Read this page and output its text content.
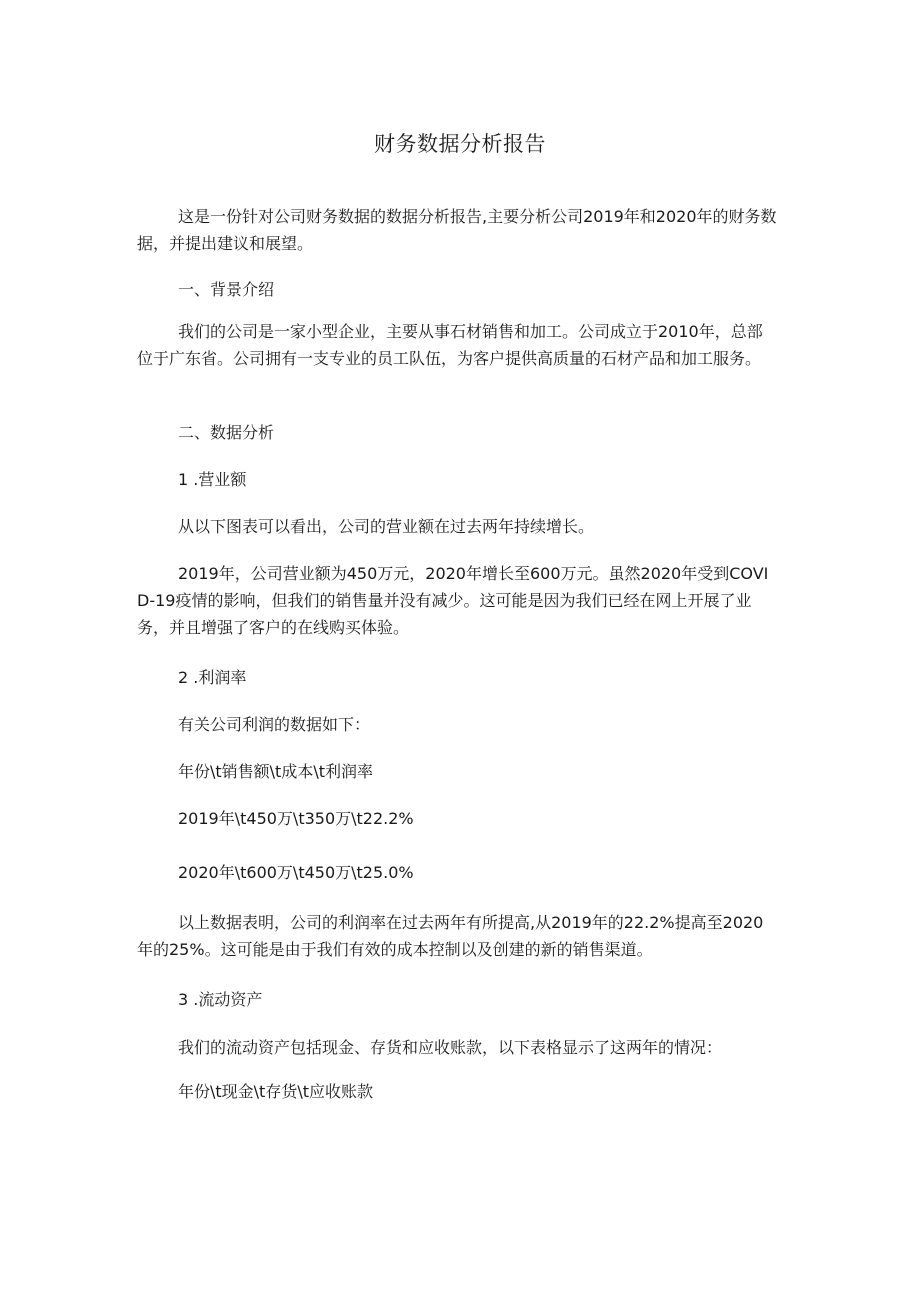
财务数据分析报告

这是一份针对公司财务数据的数据分析报告,主要分析公司2019年和2020年的财务数据，并提出建议和展望。

一、背景介绍

我们的公司是一家小型企业，主要从事石材销售和加工。公司成立于2010年，总部位于广东省。公司拥有一支专业的员工队伍，为客户提供高质量的石材产品和加工服务。

二、数据分析

1 .营业额

从以下图表可以看出，公司的营业额在过去两年持续增长。

2019年，公司营业额为450万元，2020年增长至600万元。虽然2020年受到COVID-19疫情的影响，但我们的销售量并没有减少。这可能是因为我们已经在网上开展了业务，并且增强了客户的在线购买体验。

2 .利润率

有关公司利润的数据如下：

年份\t销售额\t成本\t利润率

2019年\t450万\t350万\t22.2%

2020年\t600万\t450万\t25.0%

以上数据表明，公司的利润率在过去两年有所提高,从2019年的22.2%提高至2020年的25%。这可能是由于我们有效的成本控制以及创建的新的销售渠道。

3 .流动资产

我们的流动资产包括现金、存货和应收账款，以下表格显示了这两年的情况：

年份\t现金\t存货\t应收账款
